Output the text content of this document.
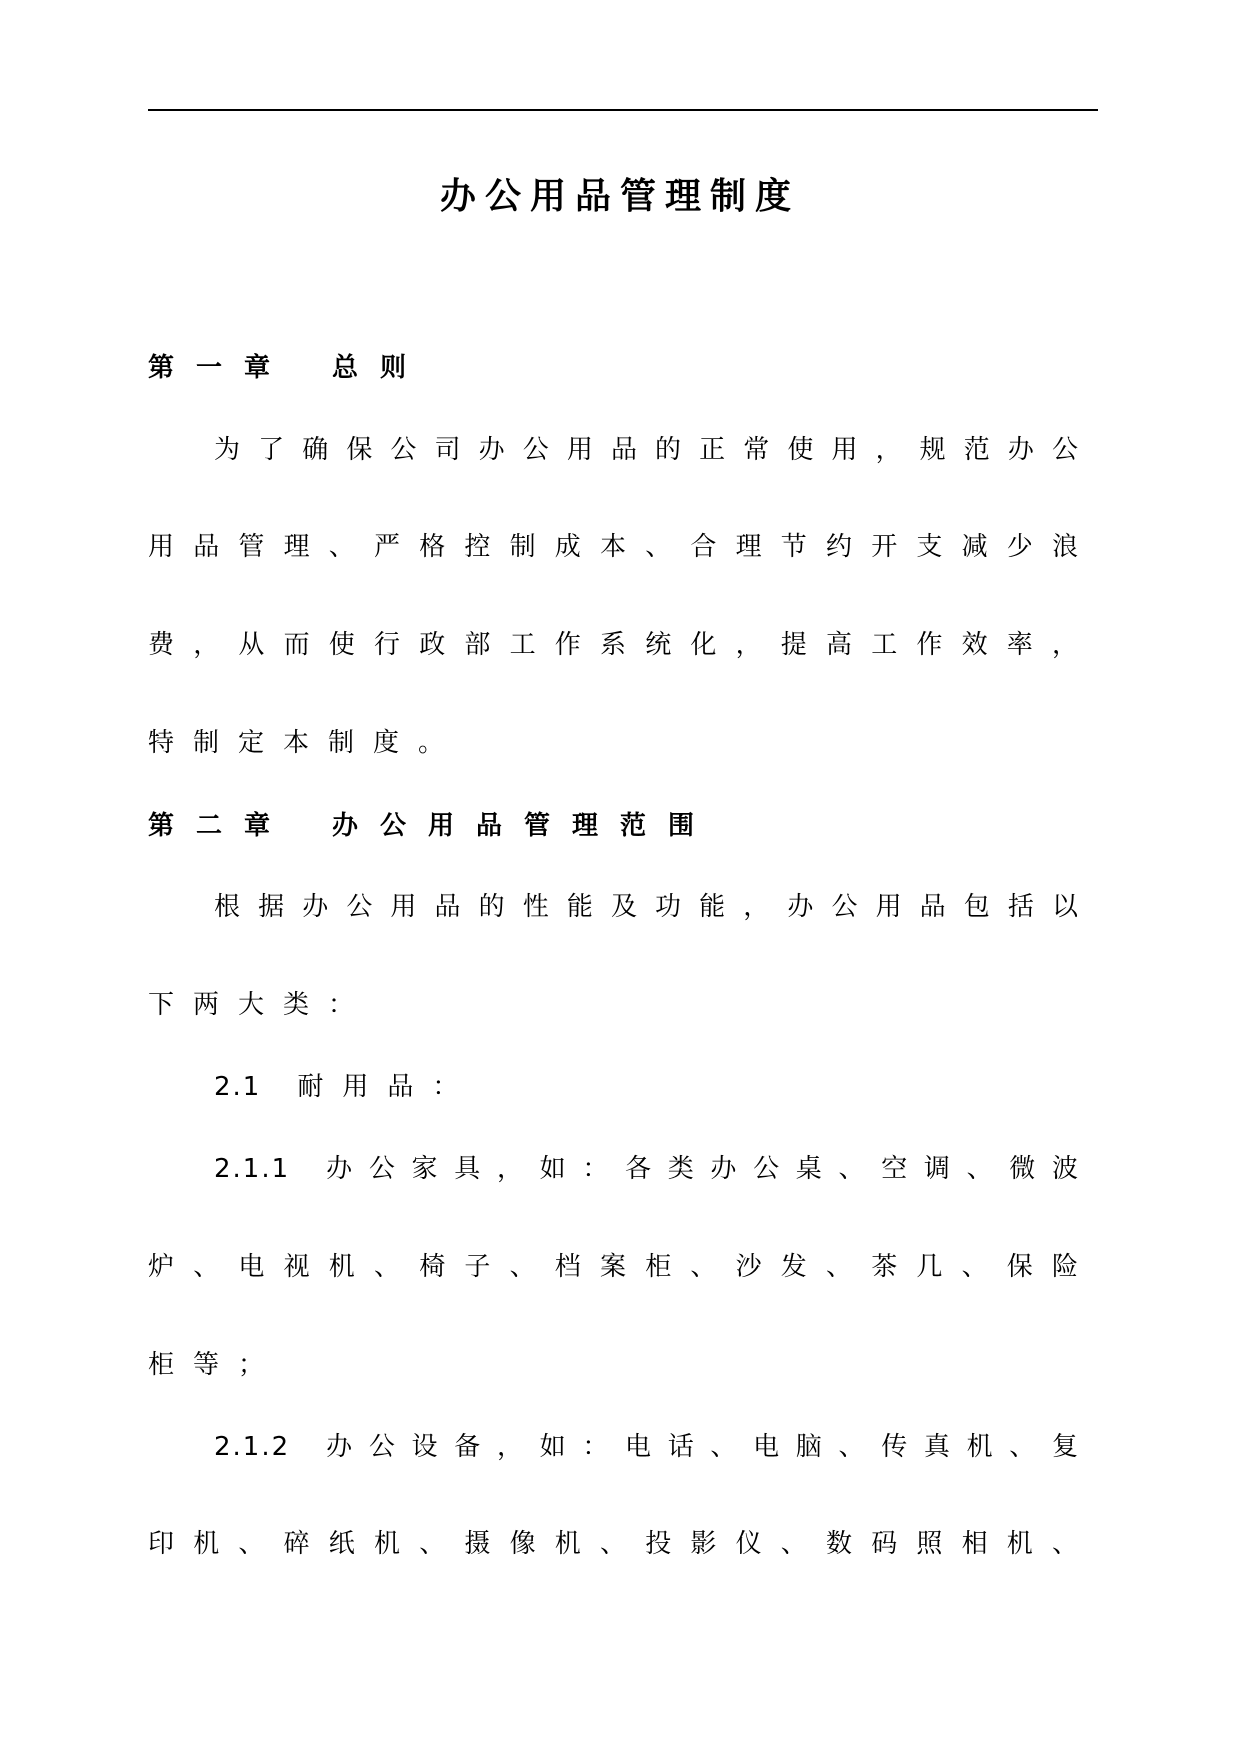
办公用品管理制度
第一章 总则
为​了​确​保​公​司​办​公​用​品​的​正​常​使​用​，​规​范​办​公
用​品​管​理​、​严​格​控​制​成​本​、​合​理​节​约​开​支​减​少​浪
费​，​从​而​使​行​政​部​工​作​系​统​化​，​提​高​工​作​效​率​，
特制定本制度。
第二章 办公用品管理范围
根​据​办​公​用​品​的​性​能​及​功​能​，​办​公​用​品​包​括​以
下两大类：
2.1 耐用品：
2.1.1 办​公​家​具​，​如​：​各​类​办​公​桌​、​空​调​、​微​波
炉​、​电​视​机​、​椅​子​、​档​案​柜​、​沙​发​、​茶​几​、​保​险
柜等；
2.1.2 办​公​设​备​，​如​：​电​话​、​电​脑​、​传​真​机​、​复
印​机​、​碎​纸​机​、​摄​像​机​、​投​影​仪​、​数​码​照​相​机​、
